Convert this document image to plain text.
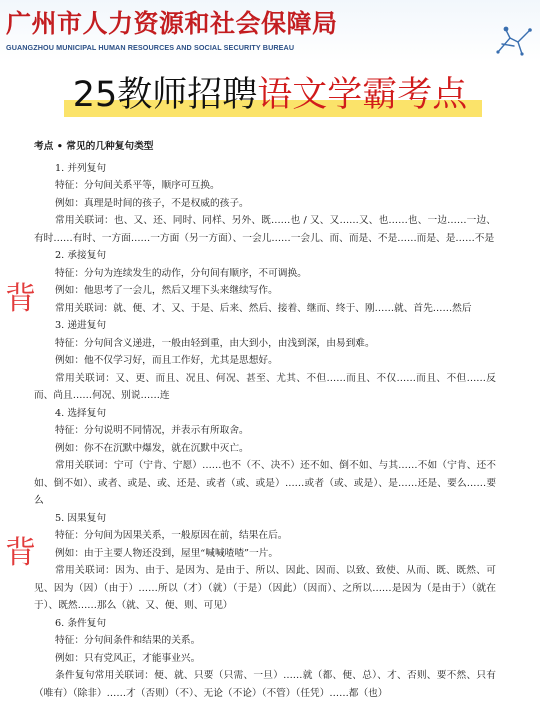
广州市人力资源和社会保障局
GUANGZHOU MUNICIPAL HUMAN RESOURCES AND SOCIAL SECURITY BUREAU
25教师招聘语文学霸考点
背
背
考点 • 常见的几种复句类型

1. 并列复句

特征：分句间关系平等，顺序可互换。

例如：真理是时间的孩子，不是权威的孩子。

常用关联词：也、又、还、同时、同样、另外、既……也 / 又、又……又、也……也、一边……一边、有时……有时、一方面……一方面（另一方面）、一会儿……一会儿、而、而是、不是……而是、是……不是

2. 承接复句

特征：分句为连续发生的动作，分句间有顺序，不可调换。

例如：他思考了一会儿，然后又埋下头来继续写作。

常用关联词：就、便、才、又、于是、后来、然后、接着、继而、终于、刚……就、首先……然后

3. 递进复句

特征：分句间含义递进，一般由轻到重，由大到小，由浅到深，由易到难。

例如：他不仅学习好，而且工作好，尤其是思想好。

常用关联词：又、更、而且、况且、何况、甚至、尤其、不但……而且、不仅……而且、不但……反而、尚且……何况、别说……连

4. 选择复句

特征：分句说明不同情况，并表示有所取舍。

例如：你不在沉默中爆发，就在沉默中灭亡。

常用关联词：宁可（宁肯、宁愿）……也不（不、决不）还不如、倒不如、与其……不如（宁肯、还不如、倒不如）、或者、或是、或、还是、或者（或、或是）……或者（或、或是）、是……还是、要么……要么

5. 因果复句

特征：分句间为因果关系，一般原因在前，结果在后。

例如：由于主要人物还没到，屋里“喊喊喳喳”一片。

常用关联词：因为、由于、是因为、是由于、所以、因此、因而、以致、致使、从而、既、既然、可见、因为（因）（由于）……所以（才）（就）（于是）（因此）（因而）、之所以……是因为（是由于）（就在于）、既然……那么（就、又、便、则、可见）

6. 条件复句

特征：分句间条件和结果的关系。

例如：只有党风正，才能事业兴。

条件复句常用关联词：便、就、只要（只需、一旦）……就（都、便、总）、才、否则、要不然、只有（唯有）（除非）……才（否则）（不）、无论（不论）（不管）（任凭）……都（也）
